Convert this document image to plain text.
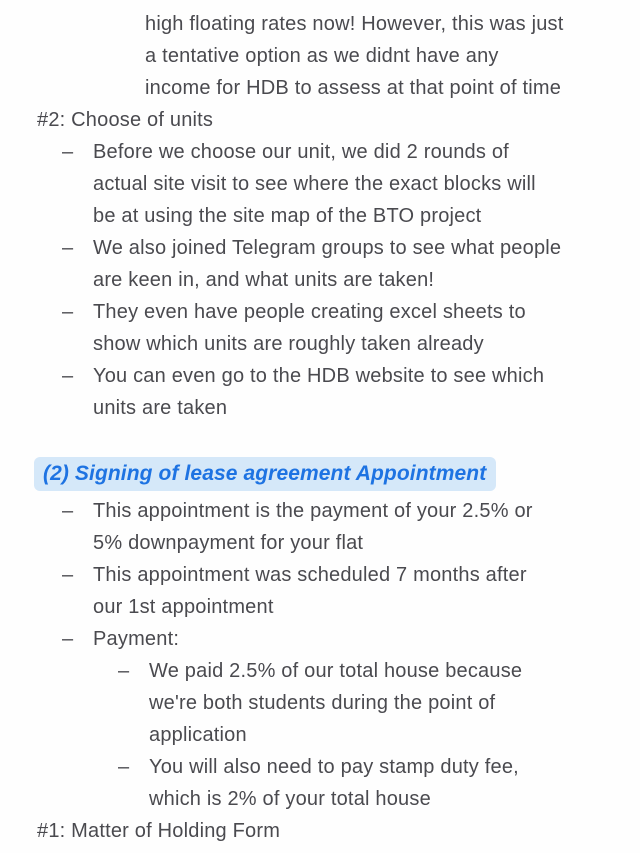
high floating rates now! However, this was just
a tentative option as we didnt have any
income for HDB to assess at that point of time
#2: Choose of units
– Before we choose our unit, we did 2 rounds of
actual site visit to see where the exact blocks will
be at using the site map of the BTO project
– We also joined Telegram groups to see what people
are keen in, and what units are taken!
– They even have people creating excel sheets to
show which units are roughly taken already
– You can even go to the HDB website to see which
units are taken
(2) Signing of lease agreement Appointment
– This appointment is the payment of your 2.5% or
5% downpayment for your flat
– This appointment was scheduled 7 months after
our 1st appointment
– Payment:
– We paid 2.5% of our total house because
we're both students during the point of
application
– You will also need to pay stamp duty fee,
which is 2% of your total house
#1: Matter of Holding Form
